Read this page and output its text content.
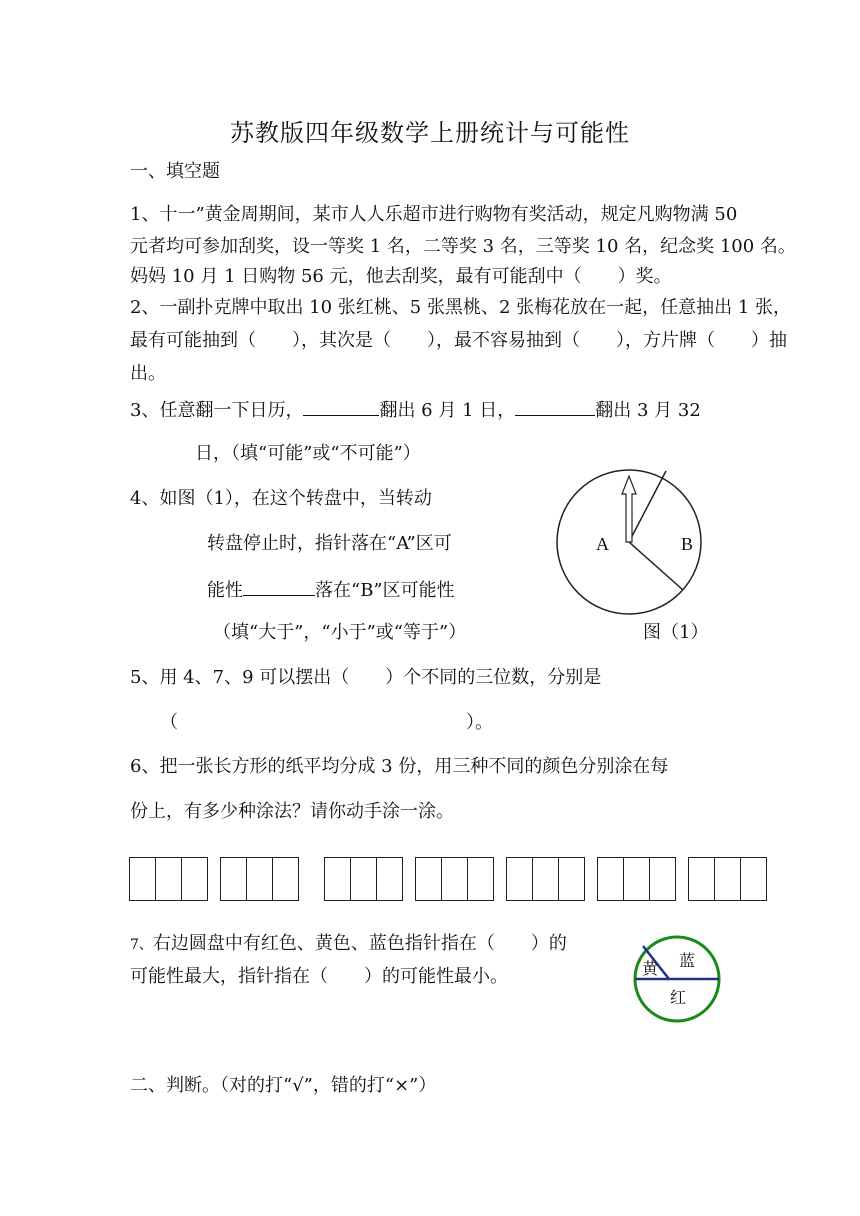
苏教版四年级数学上册统计与可能性
一、填空题
1、十一”黄金周期间，某市人人乐超市进行购物有奖活动，规定凡购物满 50
元者均可参加刮奖，设一等奖 1 名，二等奖 3 名，三等奖 10 名，纪念奖 100 名。
妈妈 10 月 1 日购物 56 元，他去刮奖，最有可能刮中（　　）奖。
2、一副扑克牌中取出 10 张红桃、5 张黑桃、2 张梅花放在一起，任意抽出 1 张，
最有可能抽到（　　），其次是（　　），最不容易抽到（　　），方片牌（　　）抽
出。
3、任意翻一下日历，	翻出 6 月 1 日，	翻出 3 月 32
日，（填“可能”或“不可能”）
4、如图（1），在这个转盘中，当转动
转盘停止时，指针落在“A”区可
能性	落在“B”区可能性
（填“大于”，“小于”或“等于”）
A	B
图（1）
5、用 4、7、9 可以摆出（　　）个不同的三位数，分别是
（	）。
6、把一张长方形的纸平均分成 3 份，用三种不同的颜色分别涂在每
份上，有多少种涂法？请你动手涂一涂。
7、右边圆盘中有红色、黄色、蓝色指针指在（　　）的
可能性最大，指针指在（　　）的可能性最小。	黄 蓝
红
二、判断。（对的打“√”，错的打“×”）
